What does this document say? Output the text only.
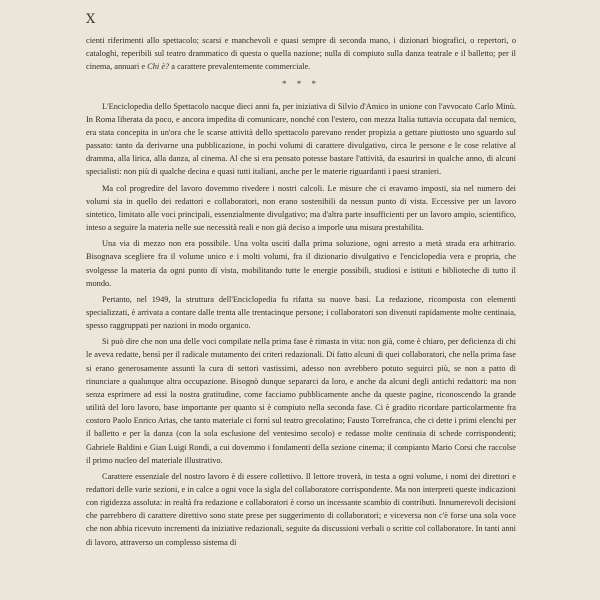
X

cienti riferimenti allo spettacolo; scarsi e manchevoli e quasi sempre di seconda mano, i dizionari biografici, o repertori, o cataloghi, reperibili sul teatro drammatico di questa o quella nazione; nulla di compiuto sulla danza teatrale e il balletto; per il cinema, annuari e Chi è? a carattere prevalentemente commerciale.

* * *

L'Enciclopedia dello Spettacolo nacque dieci anni fa, per iniziativa di Silvio d'Amico in unione con l'avvocato Carlo Minù. In Roma liberata da poco, e ancora impedita di comunicare, nonché con l'estero, con mezza Italia tuttavia occupata dal nemico, era stata concepita in un'ora che le scarse attività dello spettacolo parevano render propizia a gettare piuttosto uno sguardo sul passato: tanto da derivarne una pubblicazione, in pochi volumi di carattere divulgativo, circa le persone e le cose relative al dramma, alla lirica, alla danza, al cinema. Al che si era pensato potesse bastare l'attività, da esaurirsi in qualche anno, di alcuni specialisti: non più di qualche decina e quasi tutti italiani, anche per le materie riguardanti i paesi stranieri.

Ma col progredire del lavoro dovemmo rivedere i nostri calcoli. Le misure che ci eravamo imposti, sia nel numero dei volumi sia in quello dei redattori e collaboratori, non erano sostenibili da nessun punto di vista. Eccessive per un lavoro sintetico, limitato alle voci principali, essenzialmente divulgativo; ma d'altra parte insufficienti per un lavoro ampio, scientifico, inteso a seguire la materia nelle sue necessità reali e non già deciso a imporle una misura prestabilita.

Una via di mezzo non era possibile. Una volta uscitì dalla prima soluzione, ogni arresto a metà strada era arbitrario. Bisognava scegliere fra il volume unico e i molti volumi, fra il dizionario divulgativo e l'enciclopedia vera e propria, che svolgesse la materia da ogni punto di vista, mobilitando tutte le energie possibili, studiosi e istituti e biblioteche di tutto il mondo.

Pertanto, nel 1949, la struttura dell'Enciclopedia fu rifatta su nuove basi. La redazione, ricomposta con elementi specializzati, è arrivata a contare dalle trenta alle trentacinque persone; i collaboratori son divenuti rapidamente molte centinaia, spesso raggruppati per nazioni in modo organico.

Si può dire che non una delle voci compilate nella prima fase è rimasta in vita: non già, come è chiaro, per deficienza di chi le aveva redatte, bensì per il radicale mutamento dei criteri redazionali. Di fatto alcuni di quei collaboratori, che nella prima fase si erano generosamente assunti la cura di settori vastissimi, adesso non avrebbero potuto seguirci più, se non a patto di rinunciare a qualunque altra occupazione. Bisognò dunque separarci da loro, e anche da alcuni degli antichi redattori: ma non senza esprimere ad essi la nostra gratitudine, come facciamo pubblicamente anche da queste pagine, riconoscendo la grande utilità del loro lavoro, base importante per quanto si è compiuto nella seconda fase. Ci è gradito ricordare particolarmente fra costoro Paolo Enrico Arias, che tanto materiale ci fornì sul teatro grecolatino; Fausto Torrefranca, che ci dette i primi elenchi per il balletto e per la danza (con la sola esclusione del ventesimo secolo) e redasse molte centinaia di schede corrispondenti; Gabriele Baldini e Gian Luigi Rondi, a cui dovemmo i fondamenti della sezione cinema; il compianto Mario Corsi che raccolse il primo nucleo del materiale illustrativo.

Carattere essenziale del nostro lavoro è di essere collettivo. Il lettore troverà, in testa a ogni volume, i nomi dei direttori e redattori delle varie sezioni, e in calce a ogni voce la sigla del collaboratore corrispondente. Ma non interpreti queste indicazioni con rigidezza assoluta: in realtà fra redazione e collaboratori è corso un incessante scambio di contributi. Innumerevoli decisioni che parrebbero di carattere direttivo sono state prese per suggerimento di collaboratori; e viceversa non c'è forse una sola voce che non abbia ricevuto incrementi da iniziative redazionali, seguite da discussioni verbali o scritte col collaboratore. In tanti anni di lavoro, attraverso un complesso sistema di
